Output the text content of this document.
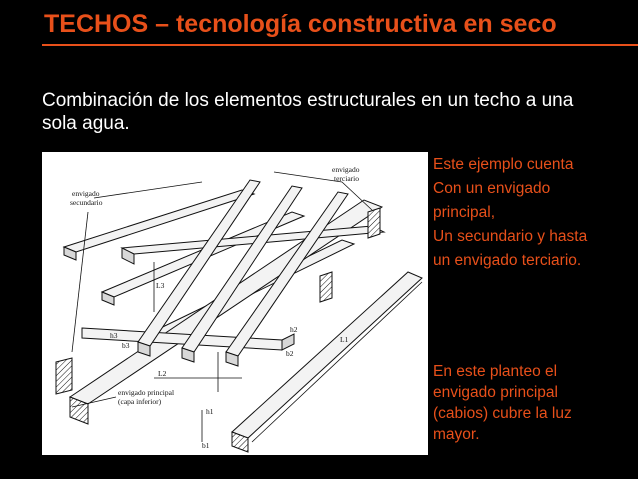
TECHOS – tecnología constructiva en seco
Combinación de los elementos estructurales en un techo a una sola agua.
envigado
secundario
envigado
terciario
envigado principal
(capa inferior)
L1
L2
L3
b1
b2
b3
h1
h2
h3

Este ejemplo cuenta

Con un envigado

principal,

Un secundario y hasta

un envigado terciario.

En este planteo el

envigado principal

(cabios) cubre la luz

mayor.
